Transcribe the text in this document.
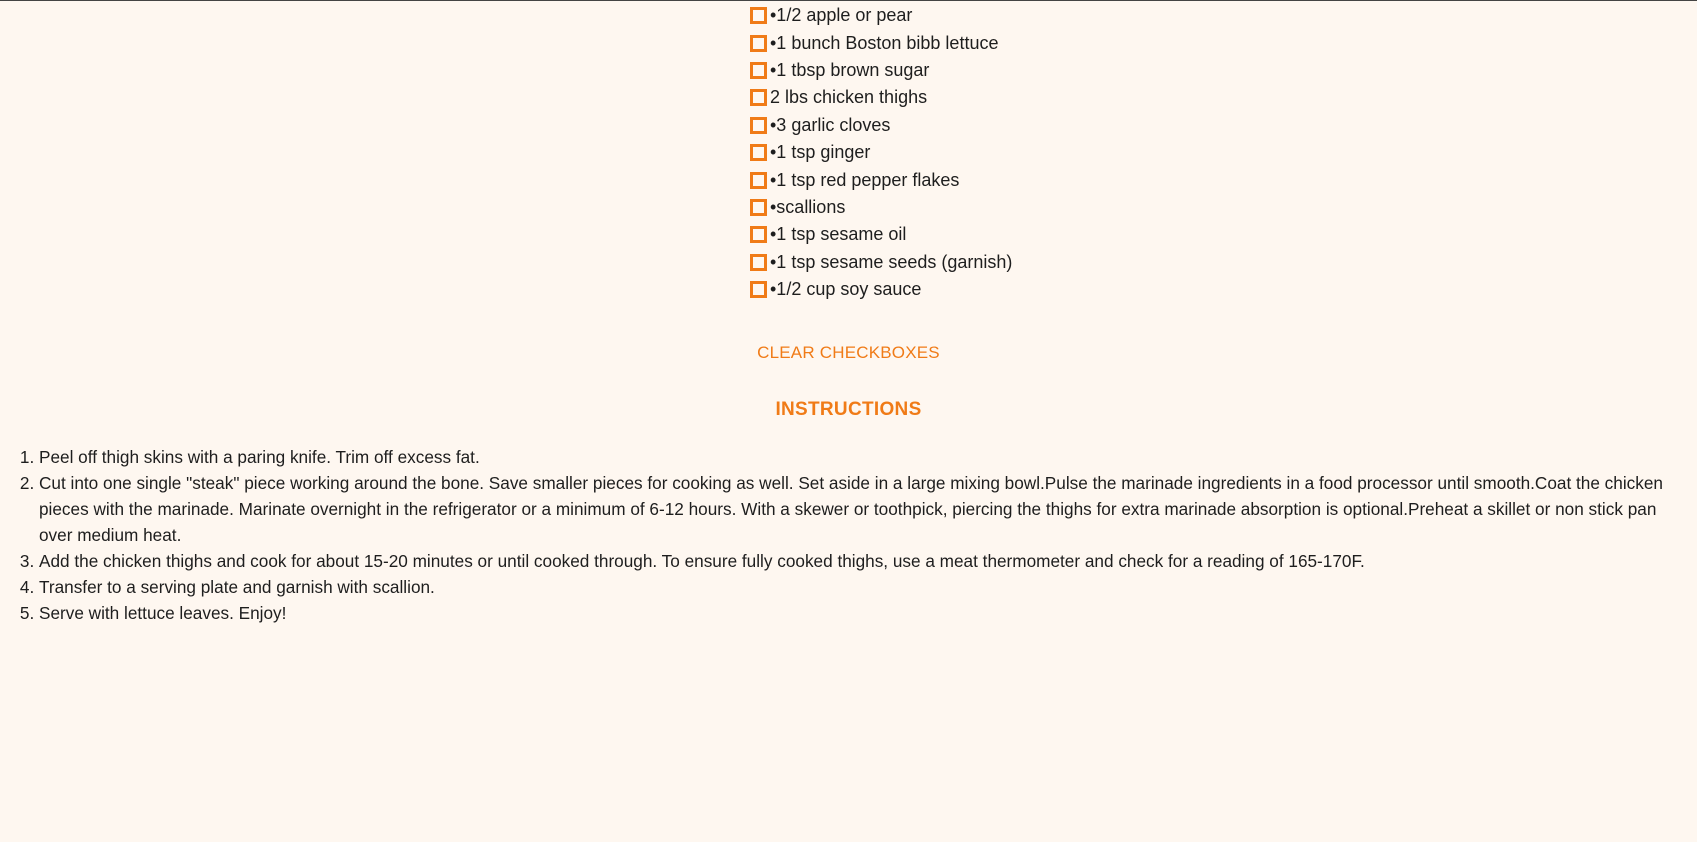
•1/2 apple or pear
•1 bunch Boston bibb lettuce
•1 tbsp brown sugar
2 lbs chicken thighs
•3 garlic cloves
•1 tsp ginger
•1 tsp red pepper flakes
•scallions
•1 tsp sesame oil
•1 tsp sesame seeds (garnish)
•1/2 cup soy sauce
CLEAR CHECKBOXES
INSTRUCTIONS
1. Peel off thigh skins with a paring knife. Trim off excess fat.
2. Cut into one single "steak" piece working around the bone. Save smaller pieces for cooking as well. Set aside in a large mixing bowl.Pulse the marinade ingredients in a food processor until smooth.Coat the chicken pieces with the marinade. Marinate overnight in the refrigerator or a minimum of 6-12 hours. With a skewer or toothpick, piercing the thighs for extra marinade absorption is optional.Preheat a skillet or non stick pan over medium heat.
3. Add the chicken thighs and cook for about 15-20 minutes or until cooked through. To ensure fully cooked thighs, use a meat thermometer and check for a reading of 165-170F.
4. Transfer to a serving plate and garnish with scallion.
5. Serve with lettuce leaves. Enjoy!
